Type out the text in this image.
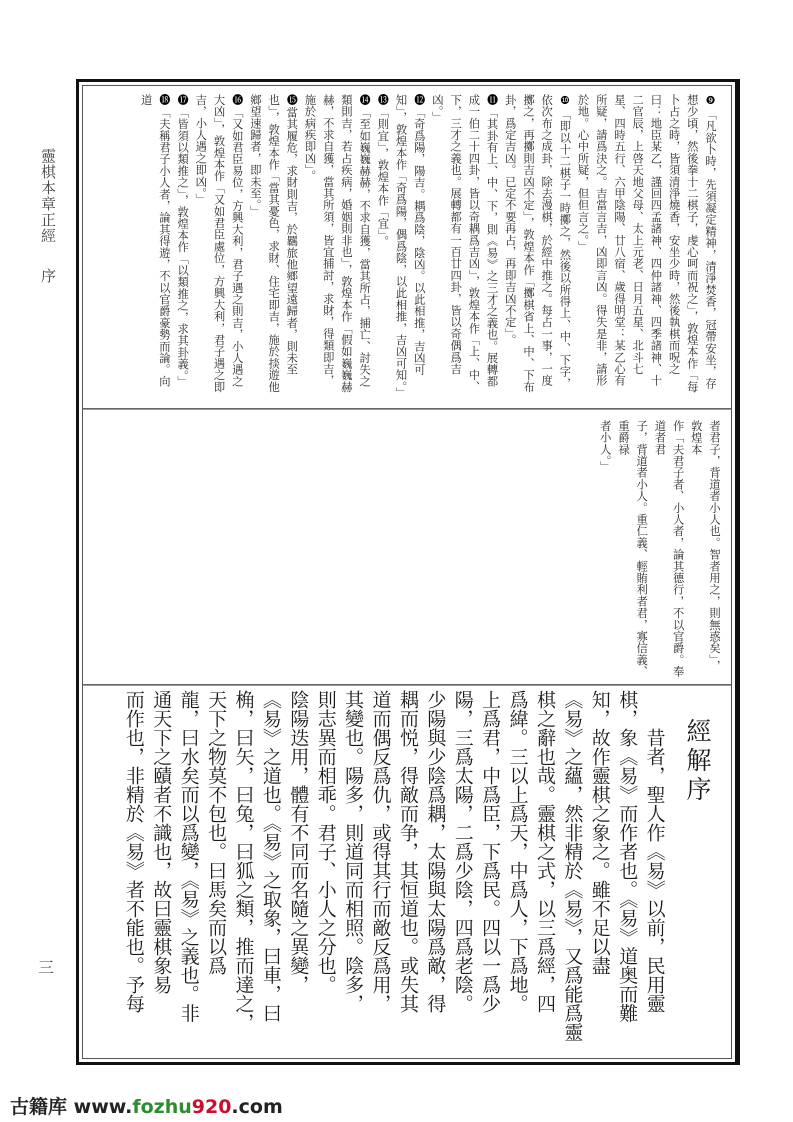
靈棋本章正經序
三

❾「凡欲卜時，先須凝定精神，清淨焚香，冠帶安坐，存想少頃，然後拳十二棋子，虔心呵而祝之」，敦煌本作「每卜占之時，皆須清淨燒香，安坐少時，然後執棋而呪之曰：地臣某乙，謹回四孟諸神、四仲諸神、四季諸神、十二官辰，上啓天地父母、太上元老、日月五星、北斗七星、四時五行、六甲陰陽、廿八宿、歲得明堂：某乙心有所疑，請爲決之。吉當言吉，凶即言凶。得失是非，請形於地。心中所疑，但但言之。」

❿「即以十二棋子一時擲之，然後以所得上、中、下字，依次布之成卦，除去漫棋，於經中推之。每占一事，一度擲之，再擲則吉凶不定」，敦煌本作「擲棋省上、中、下布卦，爲定吉凶。已定不要再占，再即吉凶不定」。

⓫「其卦有上、中、下，則《易》之三才之義也。展轉都成一伯二十四卦，皆以奇耦爲吉凶」，敦煌本作「上、中、下，三才之義也。展轉都有一百廿四卦，皆以奇偶爲吉凶。」

⓬「奇爲陽，陽吉。耦爲陰，陰凶。以此相推，吉凶可知」，敦煌本作「奇爲陽，偶爲陰，以此相推，吉凶可知。」

⓭「則宜」，敦煌本作「宜」。

⓮「至如巍巍赫赫，不求自獲，當其所占，捕亡、討失之類則吉，若占疾病，婚姻則非也」，敦煌本作「假如巍巍赫赫，不求自獲，當其所須，皆宜捕討，求財，得類即吉，施於病疾即凶」。

⓯當其履危，求財則吉，於羈旅他鄉望遠歸者，則未至也」，敦煌本作「當其憂色，求財、住宅即吉，施於掞遊他鄉望速歸者，即未至。」

⓰「又如君臣易位，方興大利，君子遇之則吉，小人遇之大凶」，敦煌本作「又如君臣處位，方興大利，君子遇之即吉，小人遇之即凶。」

⓱「皆須以類推之」，敦煌本作「以類推之，求其卦義。」

⓲「夫稱君子小人者，論其得遊，不以官爵豪勢而論。向道

者君子，背道者小人也。智者用之，則無惑矣」，敦煌本

作「夫君子者、小人者，論其德行，不以官爵。奉道者君

子，背道者小人。重仁義、輕賄利者君，寡信義、重爵禄

者小人。」

經解序
昔者，聖人作《易》以前，民用靈
棋，象《易》而作者也。《易》道奥而難
知，故作靈棋之象之。雖不足以盡
《易》之蘊，然非精於《易》，又爲能爲靈
棋之辭也哉。靈棋之式，以三爲經，四
爲緯。三以上爲天，中爲人，下爲地。
上爲君，中爲臣，下爲民。四以一爲少
陽，三爲太陽，二爲少陰，四爲老陰。
少陽與少陰爲耦，太陽與太陽爲敵，得
耦而悦，得敵而争，其恒道也。或失其
道而偶反爲仇，或得其行而敵反爲用，
其變也。陽多，則道同而相照。陰多，
則志異而相乖。君子、小人之分也。
陰陽迭用，體有不同而名隨之異變，
《易》之道也。《易》之取象，曰車，曰
桷，曰矢，曰兔，曰狐之類，推而達之，
天下之物莫不包也。曰馬矣而以爲
龍，曰水矣而以爲變，《易》之義也。非
通天下之賾者不識也，故曰靈棋象易
而作也，非精於《易》者不能也。予每
古籍库 www.fozhu920.com
